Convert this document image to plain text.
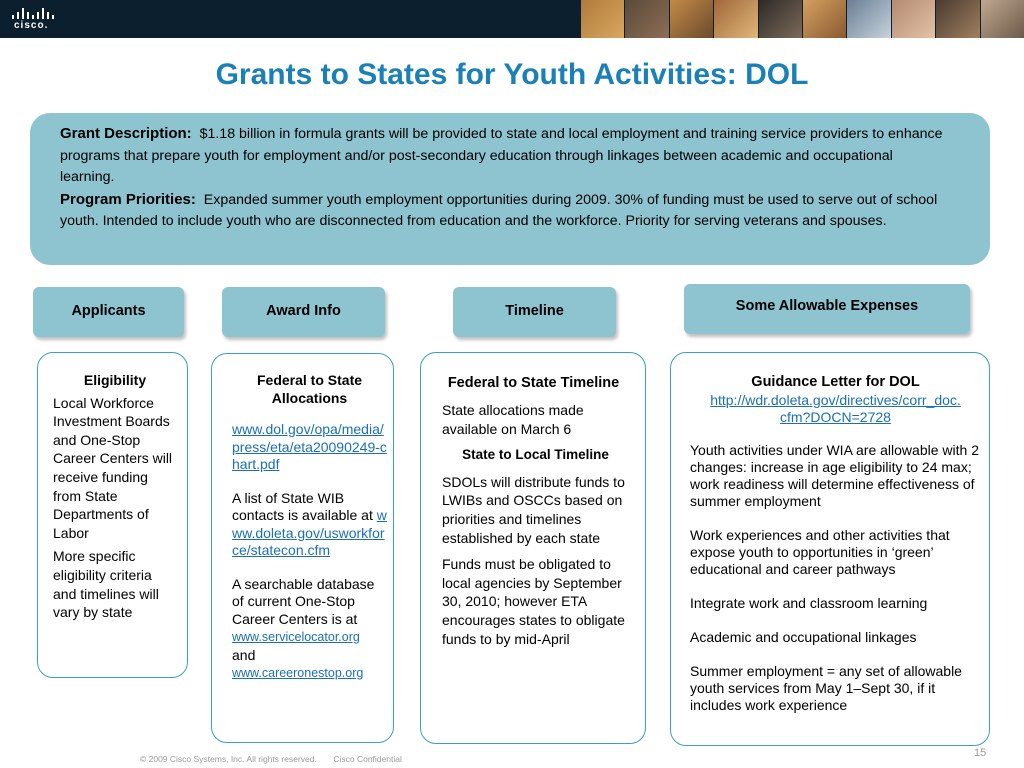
cisco.
Grants to States for Youth Activities: DOL

Grant Description: $1.18 billion in formula grants will be provided to state and local employment and training service providers to enhance programs that prepare youth for employment and/or post-secondary education through linkages between academic and occupational learning.

Program Priorities: Expanded summer youth employment opportunities during 2009. 30% of funding must be used to serve out of school youth. Intended to include youth who are disconnected from education and the workforce. Priority for serving veterans and spouses.

Applicants	Award Info	Timeline	Some Allowable Expenses
Eligibility

Local Workforce Investment Boards and One-Stop Career Centers will receive funding from State Departments of Labor

More specific eligibility criteria and timelines will vary by state

Federal to State Allocations

www.dol.gov/opa/media/press/eta/eta20090249-chart.pdf

A list of State WIB contacts is available at www.doleta.gov/usworkforce/statecon.cfm

A searchable database of current One-Stop Career Centers is at
www.servicelocator.org
and
www.careeronestop.org

Federal to State Timeline

State allocations made available on March 6

State to Local Timeline

SDOLs will distribute funds to LWIBs and OSCCs based on priorities and timelines established by each state

Funds must be obligated to local agencies by September 30, 2010; however ETA encourages states to obligate funds to by mid-April

Guidance Letter for DOL

http://wdr.doleta.gov/directives/corr_doc.cfm?DOCN=2728

Youth activities under WIA are allowable with 2 changes: increase in age eligibility to 24 max; work readiness will determine effectiveness of summer employment

Work experiences and other activities that expose youth to opportunities in ‘green’ educational and career pathways

Integrate work and classroom learning

Academic and occupational linkages

Summer employment = any set of allowable youth services from May 1–Sept 30, if it includes work experience

© 2009 Cisco Systems, Inc. All rights reserved. Cisco Confidential	15
